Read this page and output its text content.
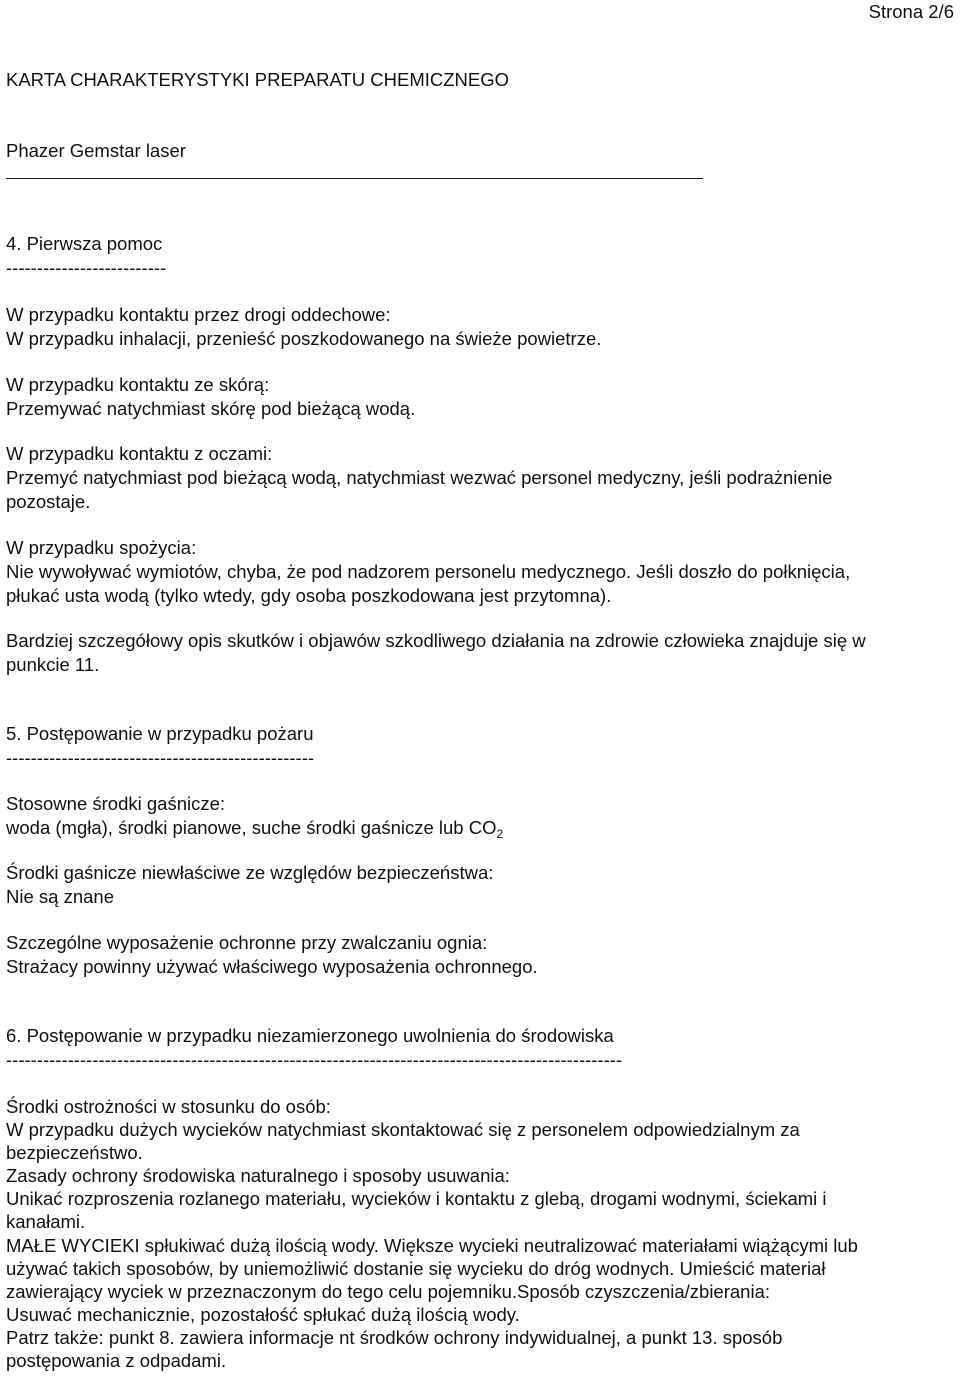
Strona 2/6
KARTA CHARAKTERYSTYKI PREPARATU CHEMICZNEGO
Phazer Gemstar laser
4. Pierwsza pomoc
--------------------------
W przypadku kontaktu przez drogi oddechowe:
W przypadku inhalacji, przenieść poszkodowanego na świeże powietrze.
W przypadku kontaktu ze skórą:
Przemywać natychmiast skórę pod bieżącą wodą.
W przypadku kontaktu z oczami:
Przemyć natychmiast pod bieżącą wodą, natychmiast wezwać personel medyczny, jeśli podrażnienie
pozostaje.
W przypadku spożycia:
Nie wywoływać wymiotów, chyba, że pod nadzorem personelu medycznego. Jeśli doszło do połknięcia,
płukać usta wodą (tylko wtedy, gdy osoba poszkodowana jest przytomna).
Bardziej szczegółowy opis skutków i objawów szkodliwego działania na zdrowie człowieka znajduje się w
punkcie 11.
5. Postępowanie w przypadku pożaru
--------------------------------------------------
Stosowne środki gaśnicze:
woda (mgła), środki pianowe, suche środki gaśnicze lub $CO_2$
Środki gaśnicze niewłaściwe ze względów bezpieczeństwa:
Nie są znane
Szczególne wyposażenie ochronne przy zwalczaniu ognia:
Strażacy powinny używać właściwego wyposażenia ochronnego.
6. Postępowanie w przypadku niezamierzonego uwolnienia do środowiska
----------------------------------------------------------------------------------------------------
Środki ostrożności w stosunku do osób:
W przypadku dużych wycieków natychmiast skontaktować się z personelem odpowiedzialnym za
bezpieczeństwo.
Zasady ochrony środowiska naturalnego i sposoby usuwania:
Unikać rozproszenia rozlanego materiału, wycieków i kontaktu z glebą, drogami wodnymi, ściekami i
kanałami.
MAŁE WYCIEKI spłukiwać dużą ilością wody. Większe wycieki neutralizować materiałami wiążącymi lub
używać takich sposobów, by uniemożliwić dostanie się wycieku do dróg wodnych. Umieścić materiał
zawierający wyciek w przeznaczonym do tego celu pojemniku.Sposób czyszczenia/zbierania:
Usuwać mechanicznie, pozostałość spłukać dużą ilością wody.
Patrz także: punkt 8. zawiera informacje nt środków ochrony indywidualnej, a punkt 13. sposób
postępowania z odpadami.
